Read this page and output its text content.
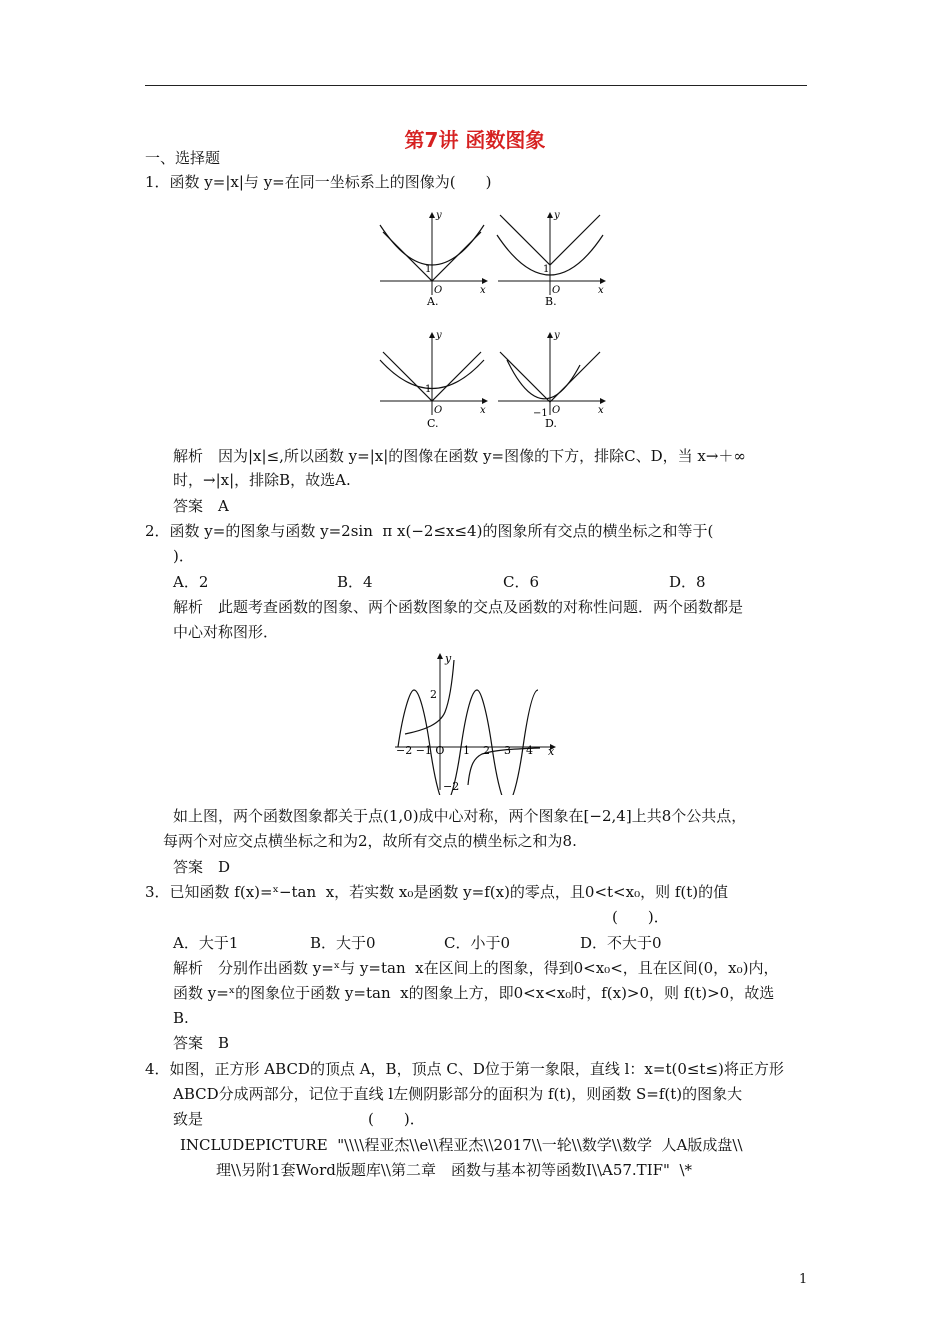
第7讲 函数图象
一、选择题
1．函数 y=|x|与 y=在同一坐标系上的图像为(　　)
y
x
O
1
A.
y
x
O
1
B.
y
x
O
1
C.
y
x
O
−1
D.
解析　因为|x|≤,所以函数 y=|x|的图像在函数 y=图像的下方，排除C、D，当 x→＋∞
时，→|x|，排除B，故选A.
答案　A
2．函数 y=的图象与函数 y=2sin  π x(−2≤x≤4)的图象所有交点的横坐标之和等于(
)．
A．2	B．4	C．6	D．8
解析　此题考查函数的图象、两个函数图象的交点及函数的对称性问题．两个函数都是
中心对称图形．
y
x
2
−2
−2 −1 O 1 2 3 4
如上图，两个函数图象都关于点(1,0)成中心对称，两个图象在[−2,4]上共8个公共点，
每两个对应交点横坐标之和为2，故所有交点的横坐标之和为8.
答案　D
3．已知函数 f(x)=ˣ−tan  x，若实数 x₀是函数 y=f(x)的零点，且0<t<x₀，则 f(t)的值
(　　)．
A．大于1	B．大于0	C．小于0	D．不大于0
解析　分别作出函数 y=ˣ与 y=tan  x在区间上的图象，得到0<x₀<，且在区间(0，x₀)内，
函数 y=ˣ的图象位于函数 y=tan  x的图象上方，即0<x<x₀时，f(x)>0，则 f(t)>0，故选
B.
答案　B
4．如图，正方形 ABCD的顶点 A，B，顶点 C、D位于第一象限，直线 l：x=t(0≤t≤)将正方形
ABCD分成两部分，记位于直线 l左侧阴影部分的面积为 f(t)，则函数 S=f(t)的图象大
致是　　　　　　　　　　　(　　)．
INCLUDEPICTURE  "\\\\程亚杰\\e\\程亚杰\\2017\\一轮\\数学\\数学  人A版成盘\\
理\\另附1套Word版题库\\第二章　函数与基本初等函数Ⅰ\\A57.TIF"  \*
1
